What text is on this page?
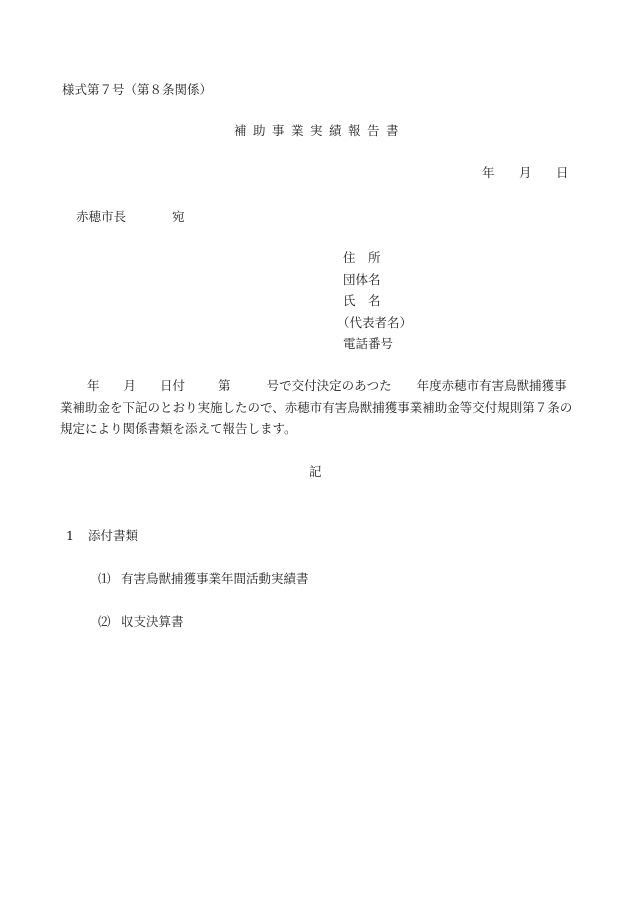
様式第７号（第８条関係）
補助事業実績報告書
年 月 日
赤穂市長	宛
住　所
団体名
氏　名
（代表者名）
電話番号
年 月 日付	第	号で交付決定のあつた 年度赤穂市有害鳥獣捕獲事
業補助金を下記のとおり実施したので、赤穂市有害鳥獣捕獲事業補助金等交付規則第７条の
規定により関係書類を添えて報告します。
記
1 添付書類
⑴ 有害鳥獣捕獲事業年間活動実績書
⑵ 収支決算書
